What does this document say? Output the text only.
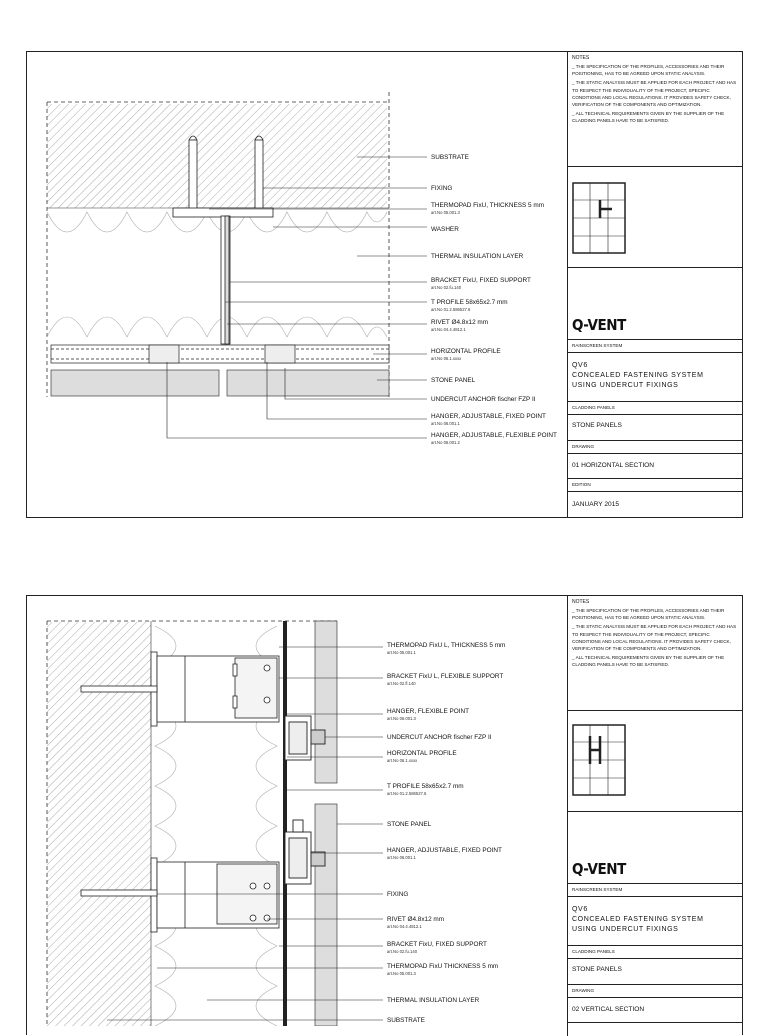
SUBSTRATE
FIXING
THERMOPAD FixU, THICKNESS 5 mm
art.No 05.001.3
WASHER
THERMAL INSULATION LAYER
BRACKET FixU, FIXED SUPPORT
art.No 02.fu.140
T PROFILE 58x65x2.7 mm
art.No 01.2.586527.6
RIVET Ø4.8x12 mm
art.No 04.4.4812.1
HORIZONTAL PROFILE
art.No 06.1.xxxx
STONE PANEL
UNDERCUT ANCHOR fischer FZP II
HANGER, ADJUSTABLE, FIXED POINT
art.No 06.001.1
HANGER, ADJUSTABLE, FLEXIBLE POINT
art.No 06.001.2
NOTES
_ THE SPECIFICATION OF THE PROFILES, ACCESSORIES AND THEIR POSITIONING, HAS TO BE AGREED UPON STATIC ANALYSIS.
_ THE STATIC ANALYSIS MUST BE APPLIED FOR EACH PROJECT AND HAS TO RESPECT THE INDIVIDUALITY OF THE PROJECT, SPECIFIC CONDITIONS AND LOCAL REGULATIONS. IT PROVIDES SAFETY CHECK, VERIFICATION OF THE COMPONENTS AND OPTIMIZATION.
_ ALL TECHNICAL REQUIREMENTS GIVEN BY THE SUPPLIER OF THE CLADDING PANELS HAVE TO BE SATISFIED.
Q-VENT
RAINSCREEN SYSTEM
QV6
CONCEALED FASTENING SYSTEM
USING UNDERCUT FIXINGS
CLADDING PANELS
STONE PANELS
DRAWING
01 HORIZONTAL SECTION
EDITION
JANUARY 2015
THERMOPAD FixU L, THICKNESS 5 mm
art.No 05.001.1
BRACKET FixU L, FLEXIBLE SUPPORT
art.No 02.fl.140
HANGER, FLEXIBLE POINT
art.No 06.001.3
UNDERCUT ANCHOR fischer FZP II
HORIZONTAL PROFILE
art.No 06.1.xxxx
T PROFILE 58x65x2.7 mm
art.No 01.2.586527.6
STONE PANEL
HANGER, ADJUSTABLE, FIXED POINT
art.No 06.001.1
FIXING
RIVET Ø4.8x12 mm
art.No 04.4.4812.1
BRACKET FixU, FIXED SUPPORT
art.No 02.fu.140
THERMOPAD FixU THICKNESS 5 mm
art.No 05.001.3
THERMAL INSULATION LAYER
SUBSTRATE
NOTES
_ THE SPECIFICATION OF THE PROFILES, ACCESSORIES AND THEIR POSITIONING, HAS TO BE AGREED UPON STATIC ANALYSIS.
_ THE STATIC ANALYSIS MUST BE APPLIED FOR EACH PROJECT AND HAS TO RESPECT THE INDIVIDUALITY OF THE PROJECT, SPECIFIC CONDITIONS AND LOCAL REGULATIONS. IT PROVIDES SAFETY CHECK, VERIFICATION OF THE COMPONENTS AND OPTIMIZATION.
_ ALL TECHNICAL REQUIREMENTS GIVEN BY THE SUPPLIER OF THE CLADDING PANELS HAVE TO BE SATISFIED.
Q-VENT
RAINSCREEN SYSTEM
QV6
CONCEALED FASTENING SYSTEM
USING UNDERCUT FIXINGS
CLADDING PANELS
STONE PANELS
DRAWING
02 VERTICAL SECTION
